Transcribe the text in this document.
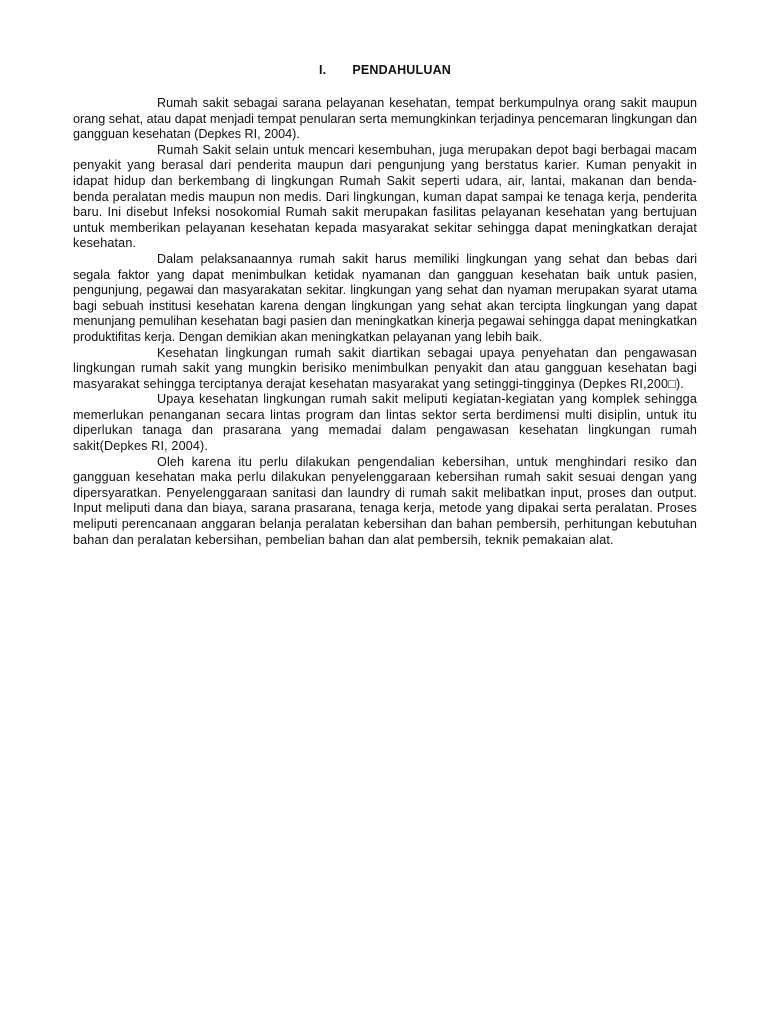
I. PENDAHULUAN

Rumah sakit sebagai sarana pelayanan kesehatan, tempat berkumpulnya orang sakit maupun orang sehat, atau dapat menjadi tempat penularan serta memungkinkan terjadinya pencemaran lingkungan dan gangguan kesehatan (Depkes RI, 2004).

Rumah Sakit selain untuk mencari kesembuhan, juga merupakan depot bagi berbagai macam penyakit yang berasal dari penderita maupun dari pengunjung yang berstatus karier. Kuman penyakit in idapat hidup dan berkembang di lingkungan Rumah Sakit seperti udara, air, lantai, makanan dan benda-benda peralatan medis maupun non medis. Dari lingkungan, kuman dapat sampai ke tenaga kerja, penderita baru. Ini disebut Infeksi nosokomial Rumah sakit merupakan fasilitas pelayanan kesehatan yang bertujuan untuk memberikan pelayanan kesehatan kepada masyarakat sekitar sehingga dapat meningkatkan derajat kesehatan.

Dalam pelaksanaannya rumah sakit harus memiliki lingkungan yang sehat dan bebas dari segala faktor yang dapat menimbulkan ketidak nyamanan dan gangguan kesehatan baik untuk pasien, pengunjung, pegawai dan masyarakatan sekitar. lingkungan yang sehat dan nyaman merupakan syarat utama bagi sebuah institusi kesehatan karena dengan lingkungan yang sehat akan tercipta lingkungan yang dapat menunjang pemulihan kesehatan bagi pasien dan meningkatkan kinerja pegawai sehingga dapat meningkatkan produktifitas kerja. Dengan demikian akan meningkatkan pelayanan yang lebih baik.

Kesehatan lingkungan rumah sakit diartikan sebagai upaya penyehatan dan pengawasan lingkungan rumah sakit yang mungkin berisiko menimbulkan penyakit dan atau gangguan kesehatan bagi masyarakat sehingga terciptanya derajat kesehatan masyarakat yang setinggi-tingginya (Depkes RI,200□).

Upaya kesehatan lingkungan rumah sakit meliputi kegiatan-kegiatan yang komplek sehingga memerlukan penanganan secara lintas program dan lintas sektor serta berdimensi multi disiplin, untuk itu diperlukan tanaga dan prasarana yang memadai dalam pengawasan kesehatan lingkungan rumah sakit(Depkes RI, 2004).

Oleh karena itu perlu dilakukan pengendalian kebersihan, untuk menghindari resiko dan gangguan kesehatan maka perlu dilakukan penyelenggaraan kebersihan rumah sakit sesuai dengan yang dipersyaratkan. Penyelenggaraan sanitasi dan laundry di rumah sakit melibatkan input, proses dan output. Input meliputi dana dan biaya, sarana prasarana, tenaga kerja, metode yang dipakai serta peralatan. Proses meliputi perencanaan anggaran belanja peralatan kebersihan dan bahan pembersih, perhitungan kebutuhan bahan dan peralatan kebersihan, pembelian bahan dan alat pembersih, teknik pemakaian alat.
